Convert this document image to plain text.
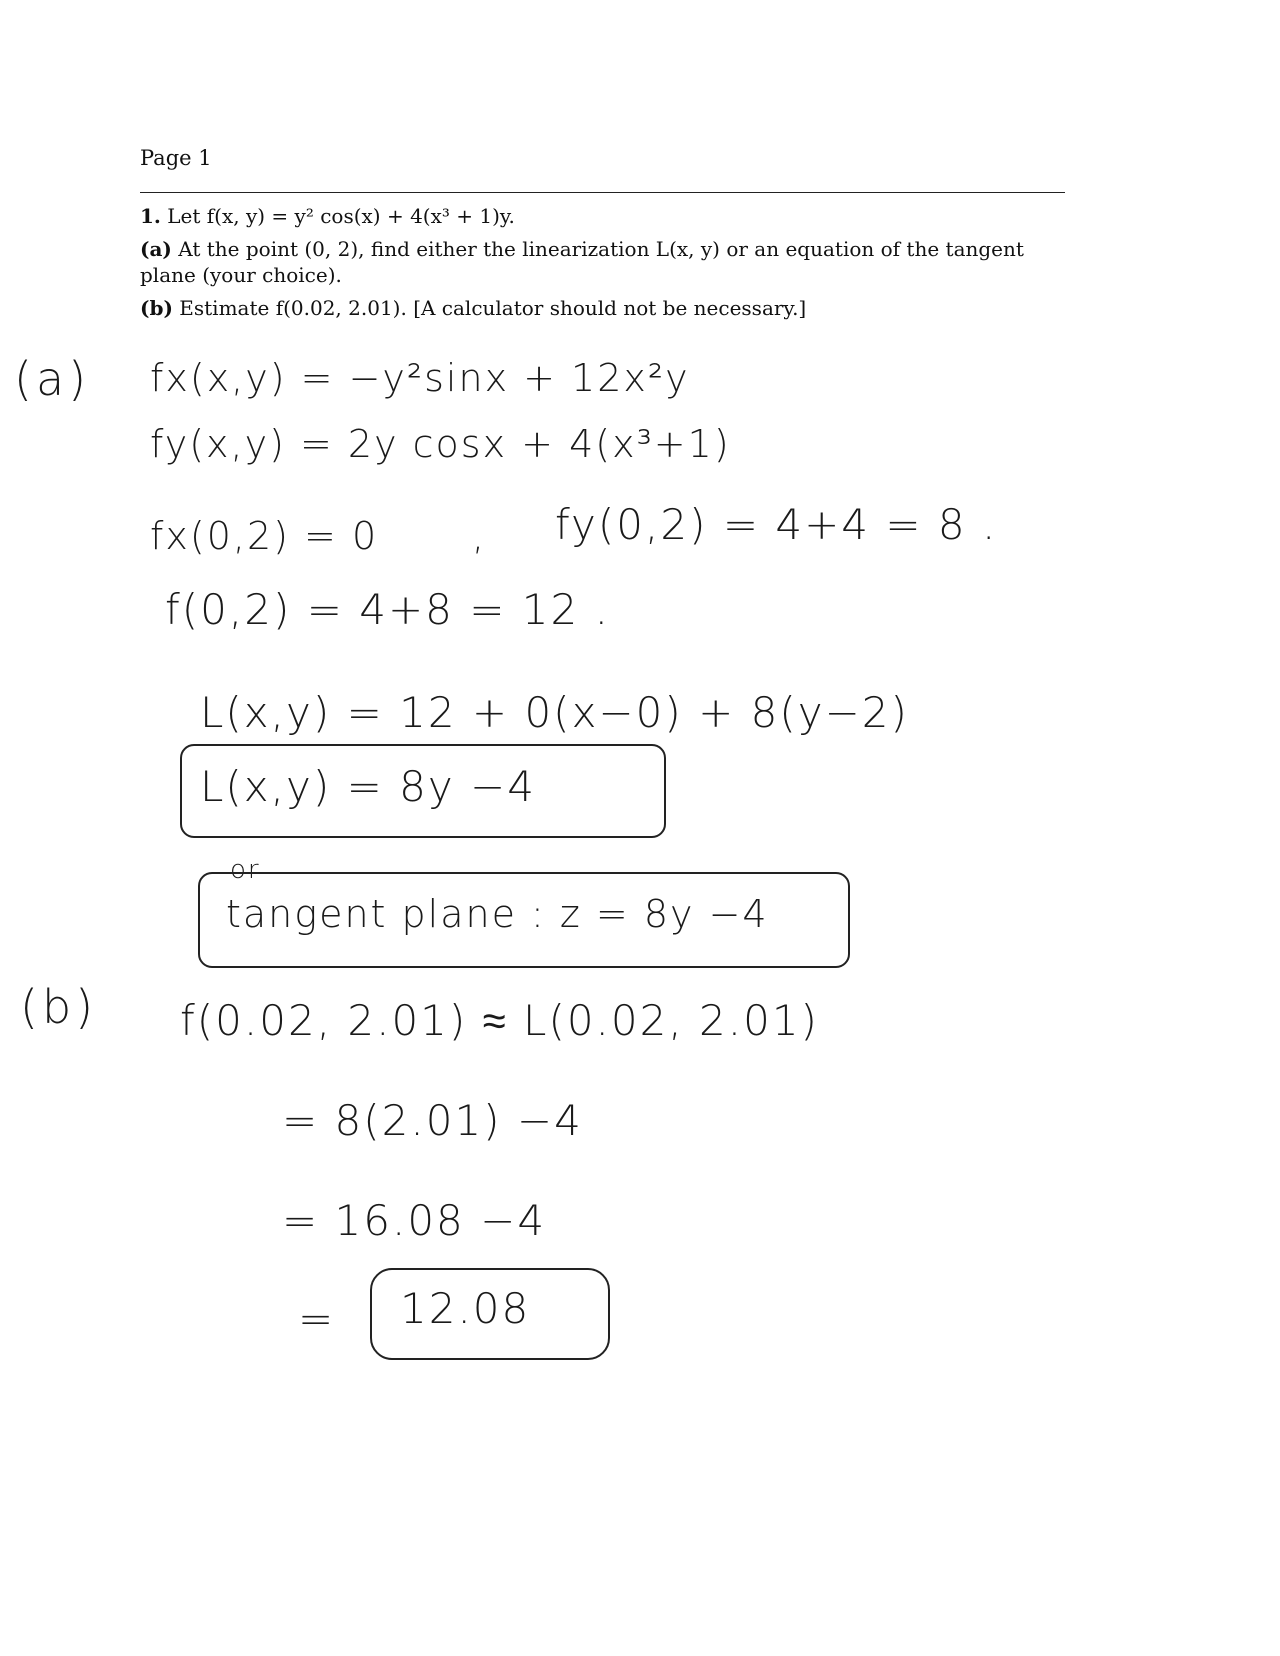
Page 1
1. Let f(x, y) = y² cos(x) + 4(x³ + 1)y.
(a) At the point (0, 2), find either the linearization L(x, y) or an equation of the tangent plane (your choice).
(b) Estimate f(0.02, 2.01). [A calculator should not be necessary.]
(a) fx(x,y) = −y²sinx + 12x²y
fy(x,y) = 2y cosx + 4(x³+1)
fx(0,2) = 0 , fy(0,2) = 4+4 = 8 .
f(0,2) = 4+8 = 12 .
L(x,y) = 12 + 0(x−0) + 8(y−2)
L(x,y) = 8y −4
or
tangent plane : z = 8y −4
(b) f(0.02, 2.01) ≈ L(0.02, 2.01)
= 8(2.01) −4
= 16.08 −4
= 12.08
